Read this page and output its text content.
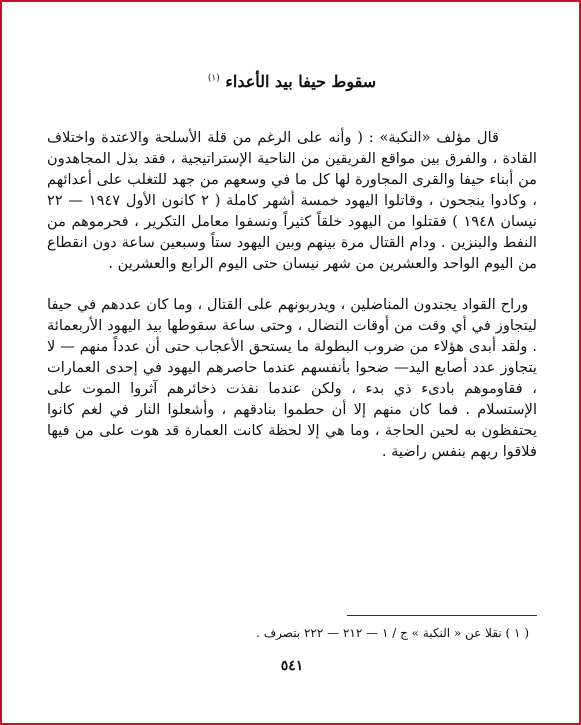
سقوط حيفا بيد الأعداء $^{(١)}$

قال مؤلف «النكبة» : ( وأنه على الرغم من قلة الأسلحة والاعتدة واختلاف القادة ، والفرق بين مواقع الفريقين من الناحية الإستراتيجية ، فقد بذل المجاهدون من أبناء حيفا والقرى المجاورة لها كل ما في وسعهم من جهد للتغلب على أعدائهم ، وكادوا ينجحون ، وقاتلوا اليهود خمسة أشهر كاملة ( ٢ كانون الأول ١٩٤٧ — ٢٢ نيسان ١٩٤٨ ) فقتلوا من اليهود خلقاً كثيراً ونسفوا معامل التكرير ، فحرموهم من النفط والبنزين . ودام القتال مرة بينهم وبين اليهود ستاً وسبعين ساعة دون انقطاع من اليوم الواحد والعشرين من شهر نيسان حتى اليوم الرابع والعشرين .

وراح القواد يجندون المناضلين ، ويدربونهم على القتال ، وما كان عددهم في حيفا ليتجاوز في أي وقت من أوقات النضال ، وحتى ساعة سقوطها بيد اليهود الأربعمائة . ولقد أبدى هؤلاء من ضروب البطولة ما يستحق الأعجاب حتى أن عدداً منهم — لا يتجاوز عدد أصابع اليد— ضحوا بأنفسهم عندما حاصرهم اليهود في إحدى العمارات ، فقاوموهم بادىء ذي بدء ، ولكن عندما نفذت ذخائرهم آثروا الموت على الإستسلام . فما كان منهم إلا أن حطموا بنادقهم ، وأشعلوا النار في لغم كانوا يحتفظون به لحين الحاجة ، وما هي إلا لحظة كانت العمارة قد هوت على من فيها فلاقوا ربهم بنفس راضية .

( ١ ) نقلا عن « النكبة » ج / ١ — ٢١٢ — ٢٢٢ بتصرف .
٥٤١
